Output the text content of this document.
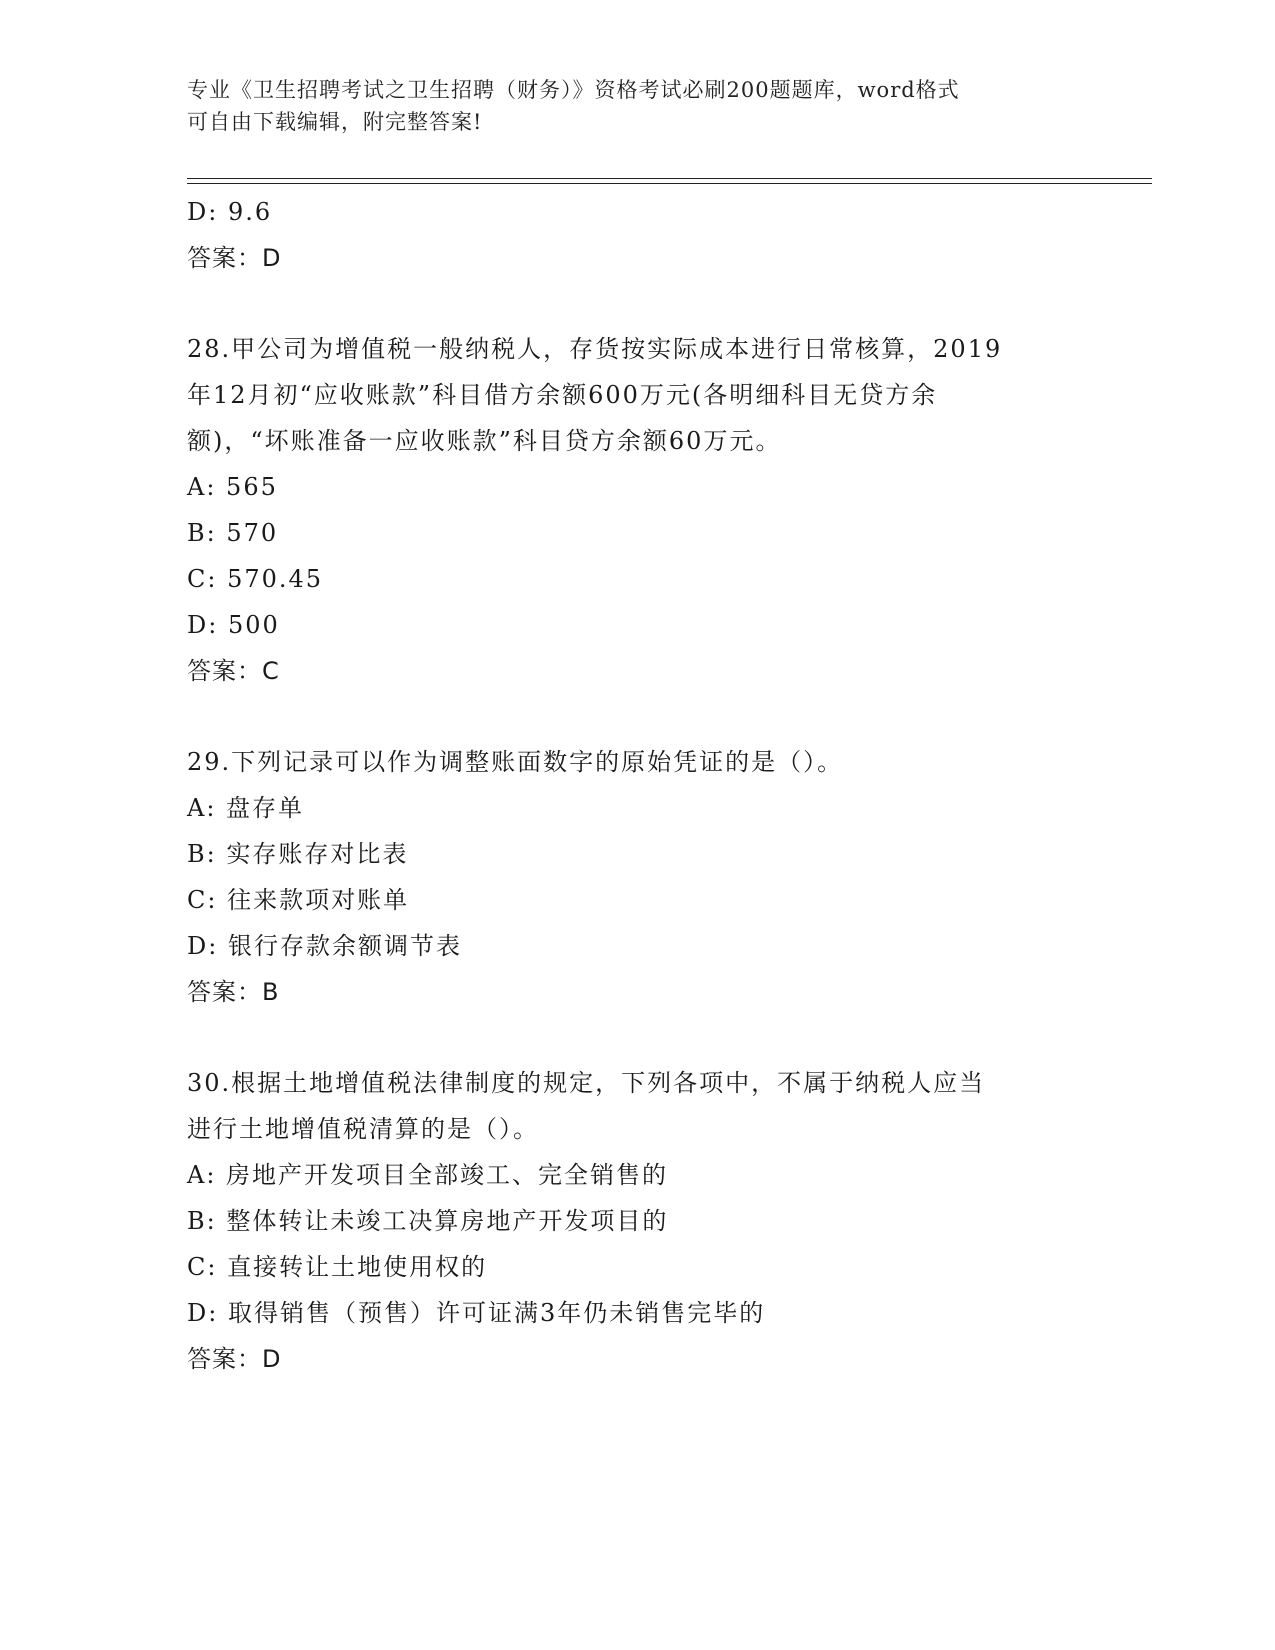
专业《卫生招聘考试之卫生招聘（财务）》资格考试必刷200题题库，word格式
可自由下载编辑，附完整答案!
D: 9.6
答案：D
28.甲公司为增值税一般纳税人，存货按实际成本进行日常核算，2019
年12月初“应收账款”科目借方余额600万元(各明细科目无贷方余
额)，“坏账准备一应收账款”科目贷方余额60万元。
A: 565
B: 570
C: 570.45
D: 500
答案：C
29.下列记录可以作为调整账面数字的原始凭证的是（）。
A: 盘存单
B: 实存账存对比表
C: 往来款项对账单
D: 银行存款余额调节表
答案：B
30.根据土地增值税法律制度的规定，下列各项中，不属于纳税人应当
进行土地增值税清算的是（）。
A: 房地产开发项目全部竣工、完全销售的
B: 整体转让未竣工决算房地产开发项目的
C: 直接转让土地使用权的
D: 取得销售（预售）许可证满3年仍未销售完毕的
答案：D
